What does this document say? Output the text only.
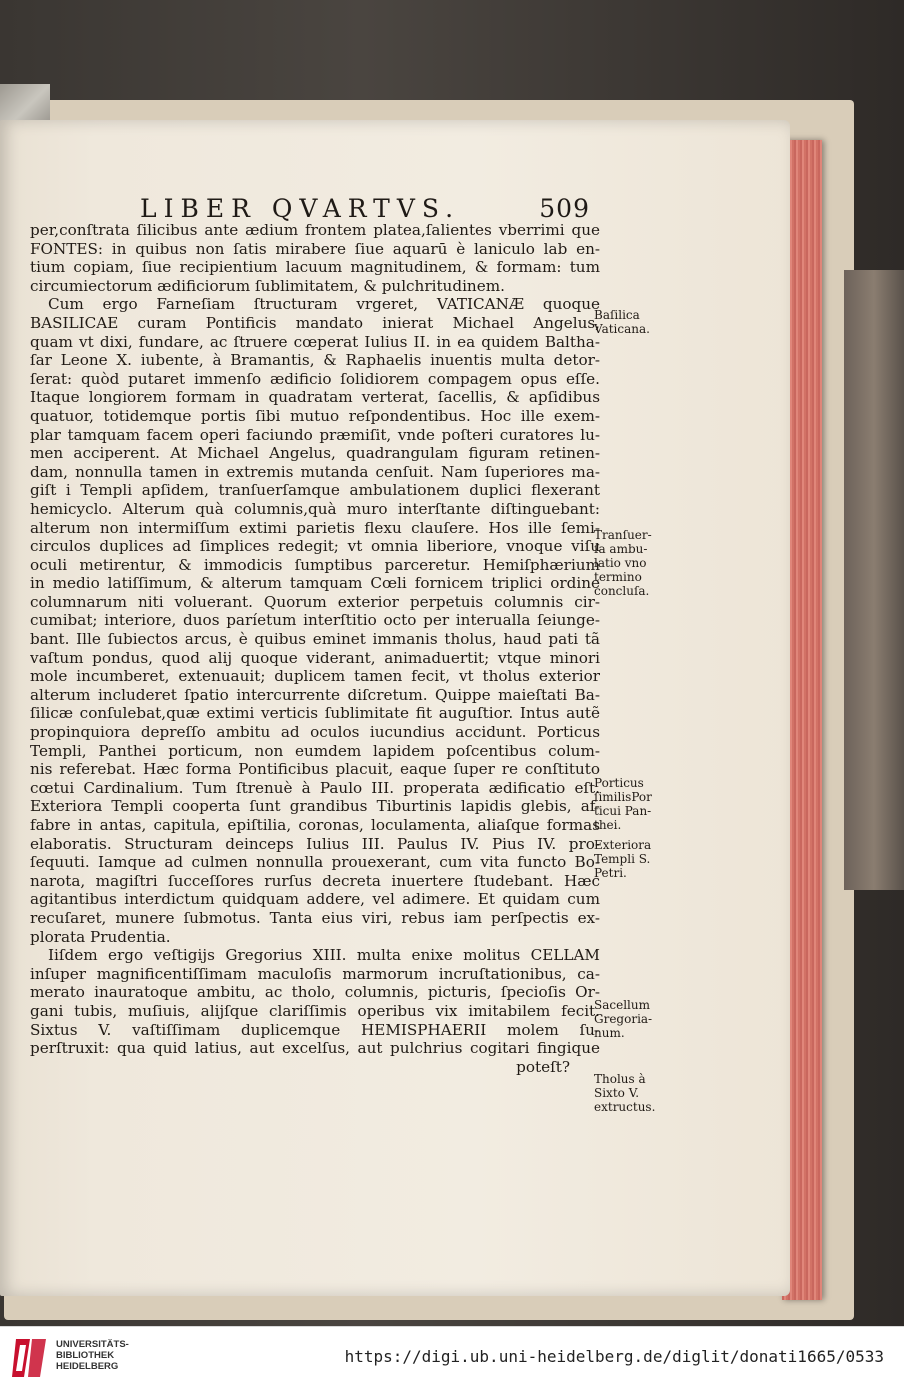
LIBER QVARTVS.	509
per,conſtrata ſilicibus ante ædium frontem platea,ſalientes vberrimi que
FONTES: in quibus non ſatis mirabere ſiue aquarū è laniculo lab en-
tium copiam, ſiue recipientium lacuum magnitudinem, & formam: tum
circumiectorum ædificiorum ſublimitatem, & pulchritudinem.
Cum ergo Farneſiam ſtructuram vrgeret, VATICANÆ quoque
BASILICAE curam Pontificis mandato inierat Michael Angelus,
quam vt dixi, fundare, ac ſtruere cœperat Iulius II. in ea quidem Baltha-
ſar Leone X. iubente, à Bramantis, & Raphaelis inuentis multa detor-
ſerat: quòd putaret immenſo ædificio ſolidiorem compagem opus eſſe.
Itaque longiorem formam in quadratam verterat, ſacellis, & apſidibus
quatuor, totidemque portis ſibi mutuo reſpondentibus. Hoc ille exem-
plar tamquam facem operi faciundo præmiſit, vnde poſteri curatores lu-
men acciperent. At Michael Angelus, quadrangulam figuram retinen-
dam, nonnulla tamen in extremis mutanda cenſuit. Nam ſuperiores ma-
giſt i Templi apſidem, tranſuerſamque ambulationem duplici flexerant
hemicyclo. Alterum quà columnis,quà muro interſtante diſtinguebant:
alterum non intermiſſum extimi parietis flexu clauſere. Hos ille ſemi-
circulos duplices ad ſimplices redegit; vt omnia liberiore, vnoque viſu
oculi metirentur, & immodicis ſumptibus parceretur. Hemiſphærium
in medio latiſſimum, & alterum tamquam Cœli fornicem triplici ordine
columnarum niti voluerant. Quorum exterior perpetuis columnis cir-
cumibat; interiore, duos paríetum interſtitio octo per interualla ſeiunge-
bant. Ille ſubiectos arcus, è quibus eminet immanis tholus, haud pati tã
vaſtum pondus, quod alij quoque viderant, animaduertit; vtque minori
mole incumberet, extenuauit; duplicem tamen fecit, vt tholus exterior
alterum includeret ſpatio intercurrente diſcretum. Quippe maieſtati Ba-
ſilicæ conſulebat,quæ extimi verticis ſublimitate fit auguſtior. Intus autẽ
propinquiora depreſſo ambitu ad oculos iucundius accidunt. Porticus
Templi, Panthei porticum, non eumdem lapidem poſcentibus colum-
nis referebat. Hæc forma Pontificibus placuit, eaque ſuper re conſtituto
cœtui Cardinalium. Tum ſtrenuè à Paulo III. properata ædificatio eſt.
Exteriora Templi cooperta ſunt grandibus Tiburtinis lapidis glebis, af-
fabre in antas, capitula, epiſtilia, coronas, loculamenta, aliaſque formas
elaboratis. Structuram deinceps Iulius III. Paulus IV. Pius IV. pro-
ſequuti. Iamque ad culmen nonnulla prouexerant, cum vita functo Bo-
narota, magiſtri ſucceſſores rurſus decreta inuertere ſtudebant. Hæc
agitantibus interdictum quidquam addere, vel adimere. Et quidam cum
recuſaret, munere ſubmotus. Tanta eius viri, rebus iam perſpectis ex-
plorata Prudentia.
Iiſdem ergo veſtigijs Gregorius XIII. multa enixe molitus CELLAM
inſuper magnificentiſſimam maculoſis marmorum incruſtationibus, ca-
merato inauratoque ambitu, ac tholo, columnis, picturis, ſpecioſis Or-
gani tubis, muſiuis, alijſque clariſſimis operibus vix imitabilem fecit.
Sixtus V. vaſtiſſimam duplicemque HEMISPHAERII molem ſu-
perſtruxit: qua quid latius, aut excelſus, aut pulchrius cogitari fingique
poteſt?
Baſilica
Vaticana.
Tranſuer-
ſa ambu-
latio vno
termino
concluſa.
Porticus
ſimilisPor
ticui Pan-
thei.
Exteriora
Templi S.
Petri.
Sacellum
Gregoria-
num.
Tholus à
Sixto V.
extructus.
UNIVERSITÄTS-
BIBLIOTHEK
HEIDELBERG
https://digi.ub.uni-heidelberg.de/diglit/donati1665/0533
